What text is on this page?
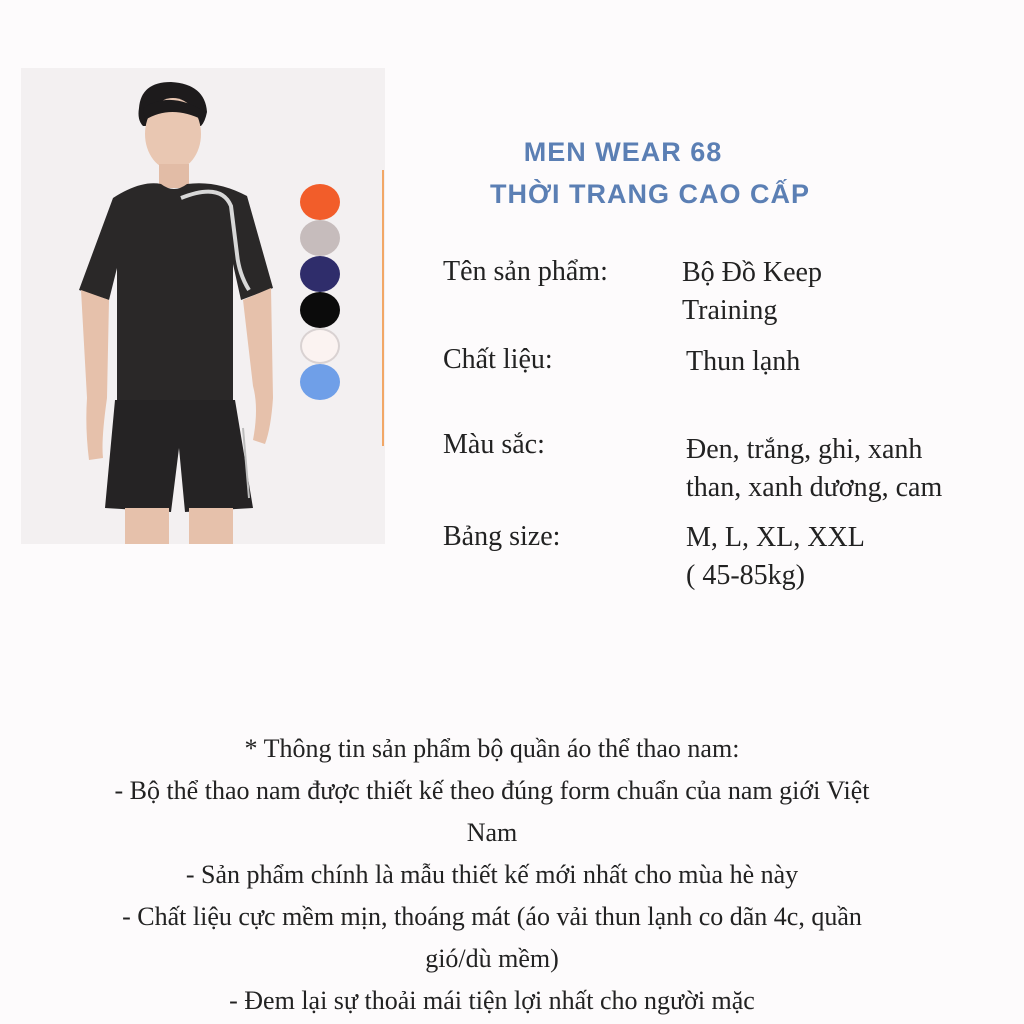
MEN WEAR 68
THỜI TRANG CAO CẤP
Tên sản phẩm:	Bộ Đồ Keep
Training
Chất liệu:	Thun lạnh
Màu sắc:	Đen, trắng, ghi, xanh
than, xanh dương, cam
Bảng size:	M, L, XL, XXL
( 45-85kg)
* Thông tin sản phẩm bộ quần áo thể thao nam:
- Bộ thể thao nam được thiết kế theo đúng form chuẩn của nam giới Việt
Nam
- Sản phẩm chính là mẫu thiết kế mới nhất cho mùa hè này
- Chất liệu cực mềm mịn, thoáng mát (áo vải thun lạnh co dãn 4c, quần
gió/dù mềm)
- Đem lại sự thoải mái tiện lợi nhất cho người mặc
